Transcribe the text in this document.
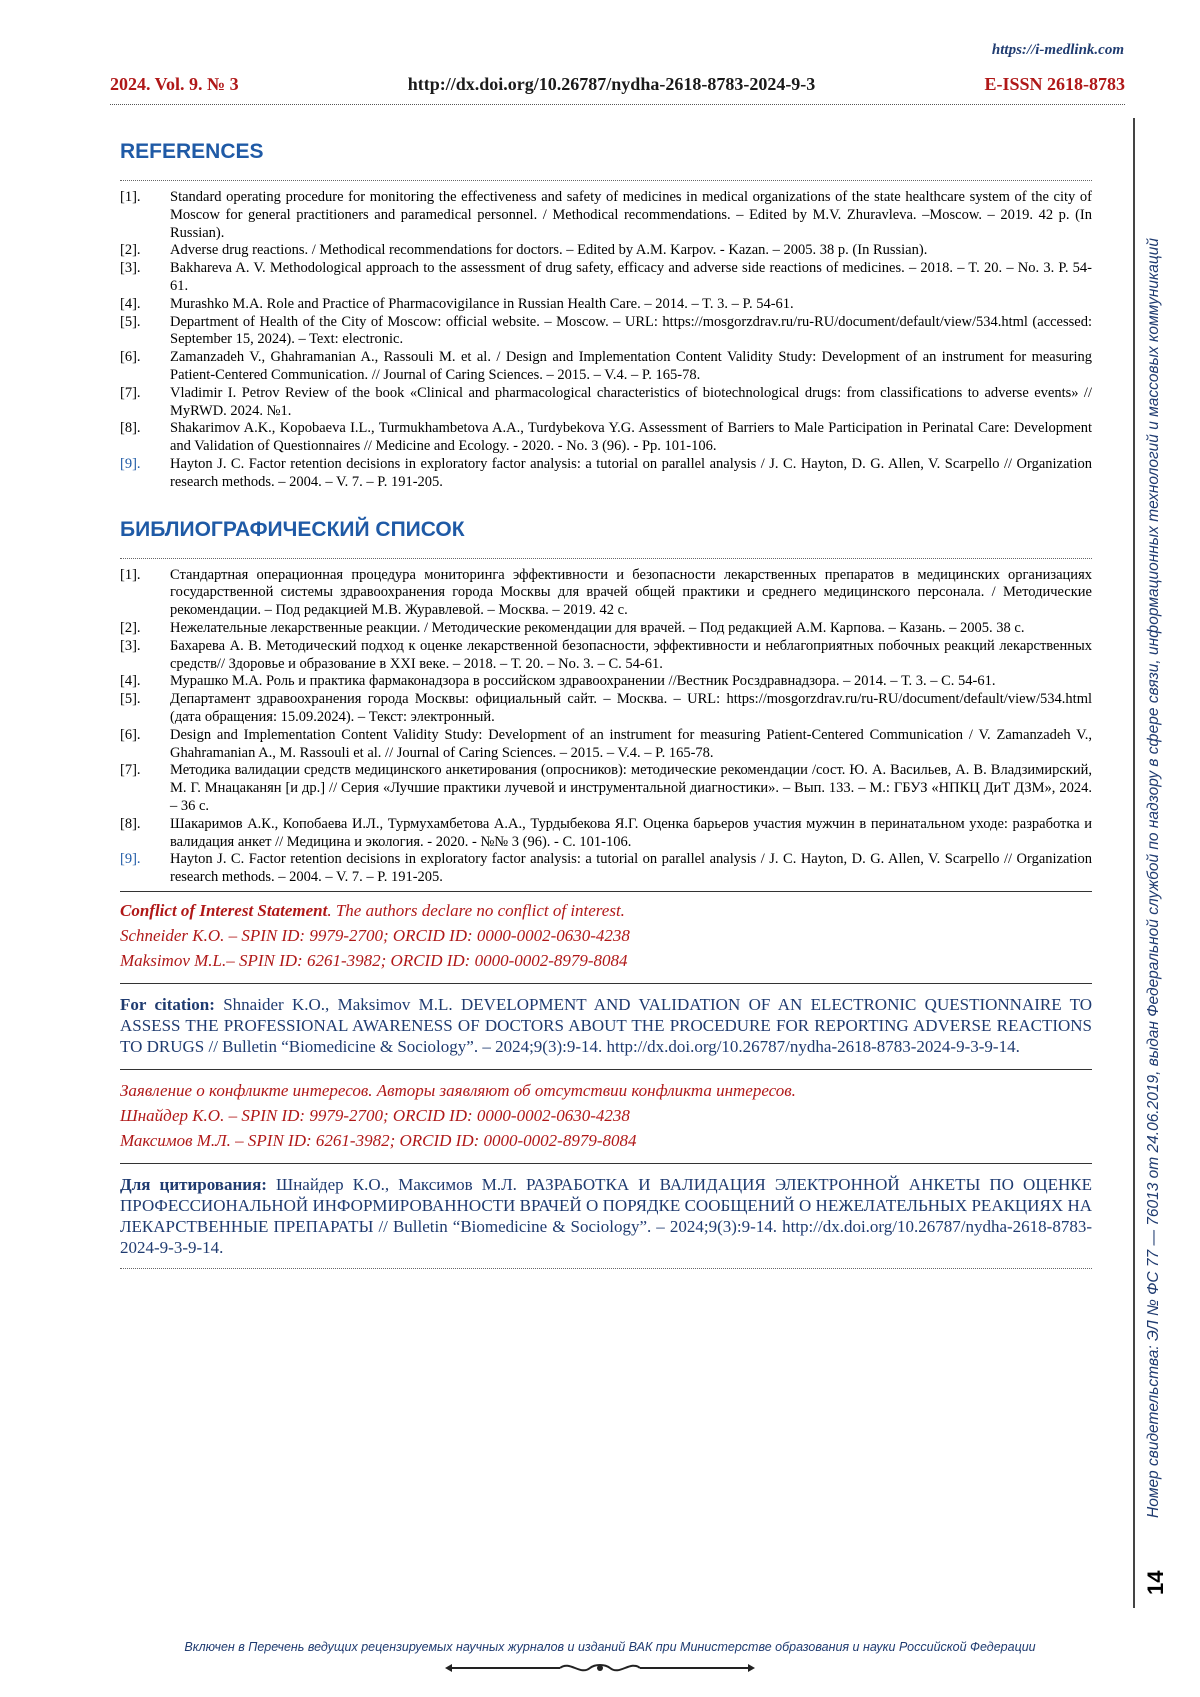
https://i-medlink.com
2024. Vol. 9. № 3	http://dx.doi.org/10.26787/nydha-2618-8783-2024-9-3	E-ISSN 2618-8783
Номер свидетельства: ЭЛ № ФС 77 — 76013 от 24.06.2019, выдан Федеральной службой по надзору в сфере связи, информационных технологий и массовых коммуникаций
14
REFERENCES
[1].	Standard operating procedure for monitoring the effectiveness and safety of medicines in medical organizations of the state healthcare system of the city of Moscow for general practitioners and paramedical personnel. / Methodical recommendations. – Edited by M.V. Zhuravleva. –Moscow. – 2019. 42 p. (In Russian).
[2].	Adverse drug reactions. / Methodical recommendations for doctors. – Edited by A.M. Karpov. - Kazan. – 2005. 38 p. (In Russian).
[3].	Bakhareva A. V. Methodological approach to the assessment of drug safety, efficacy and adverse side reactions of medicines. – 2018. – T. 20. – No. 3. P. 54-61.
[4].	Murashko M.A. Role and Practice of Pharmacovigilance in Russian Health Care. – 2014. – T. 3. – P. 54-61.
[5].	Department of Health of the City of Moscow: official website. – Moscow. – URL: https://mosgorzdrav.ru/ru-RU/document/default/view/534.html (accessed: September 15, 2024). – Text: electronic.
[6].	Zamanzadeh V., Ghahramanian A., Rassouli M. et al. / Design and Implementation Content Validity Study: Development of an instrument for measuring Patient-Centered Communication. // Journal of Caring Sciences. – 2015. – V.4. – P. 165-78.
[7].	Vladimir I. Petrov Review of the book «Clinical and pharmacological characteristics of biotechnological drugs: from classifications to adverse events» // MyRWD. 2024. №1.
[8].	Shakarimov A.K., Kopobaeva I.L., Turmukhambetova A.A., Turdybekova Y.G. Assessment of Barriers to Male Participation in Perinatal Care: Development and Validation of Questionnaires // Medicine and Ecology. - 2020. - No. 3 (96). - Pp. 101-106.
[9].	Hayton J. C. Factor retention decisions in exploratory factor analysis: a tutorial on parallel analysis / J. C. Hayton, D. G. Allen, V. Scarpello // Organization research methods. – 2004. – V. 7. – P. 191-205.
БИБЛИОГРАФИЧЕСКИЙ СПИСОК
[1].	Стандартная операционная процедура мониторинга эффективности и безопасности лекарственных препаратов в медицинских организациях государственной системы здравоохранения города Москвы для врачей общей практики и среднего медицинского персонала. / Методические рекомендации. – Под редакцией М.В. Журавлевой. – Москва. – 2019. 42 с.
[2].	Нежелательные лекарственные реакции. / Методические рекомендации для врачей. – Под редакцией А.М. Карпова. – Казань. – 2005. 38 с.
[3].	Бахарева А. В. Методический подход к оценке лекарственной безопасности, эффективности и неблагоприятных побочных реакций лекарственных средств// Здоровье и образование в XXI веке. – 2018. – Т. 20. – No. 3. – С. 54-61.
[4].	Мурашко М.А. Роль и практика фармаконадзора в российском здравоохранении //Вестник Росздравнадзора. – 2014. – Т. 3. – С. 54-61.
[5].	Департамент здравоохранения города Москвы: официальный сайт. – Москва. – URL: https://mosgorzdrav.ru/ru-RU/document/default/view/534.html (дата обращения: 15.09.2024). – Текст: электронный.
[6].	Design and Implementation Content Validity Study: Development of an instrument for measuring Patient-Centered Communication / V. Zamanzadeh V., Ghahramanian A., M. Rassouli et al. // Journal of Caring Sciences. – 2015. – V.4. – P. 165-78.
[7].	Методика валидации средств медицинского анкетирования (опросников): методические рекомендации /сост. Ю. А. Васильев, А. В. Владзимирский, М. Г. Мнацаканян [и др.] // Серия «Лучшие практики лучевой и инструментальной диагностики». – Вып. 133. – М.: ГБУЗ «НПКЦ ДиТ ДЗМ», 2024. – 36 с.
[8].	Шакаримов А.К., Копобаева И.Л., Турмухамбетова А.А., Турдыбекова Я.Г. Оценка барьеров участия мужчин в перинатальном уходе: разработка и валидация анкет // Медицина и экология. - 2020. - №№ 3 (96). - С. 101-106.
[9].	Hayton J. C. Factor retention decisions in exploratory factor analysis: a tutorial on parallel analysis / J. C. Hayton, D. G. Allen, V. Scarpello // Organization research methods. – 2004. – V. 7. – P. 191-205.
Conflict of Interest Statement. The authors declare no conflict of interest.
Schneider K.O. – SPIN ID: 9979-2700; ORCID ID: 0000-0002-0630-4238
Maksimov M.L.– SPIN ID: 6261-3982; ORCID ID: 0000-0002-8979-8084
For citation: Shnaider K.O., Maksimov M.L. DEVELOPMENT AND VALIDATION OF AN ELECTRONIC QUESTIONNAIRE TO ASSESS THE PROFESSIONAL AWARENESS OF DOCTORS ABOUT THE PROCEDURE FOR REPORTING ADVERSE REACTIONS TO DRUGS // Bulletin “Biomedicine & Sociology”. – 2024;9(3):9-14. http://dx.doi.org/10.26787/nydha-2618-8783-2024-9-3-9-14.
Заявление о конфликте интересов. Авторы заявляют об отсутствии конфликта интересов.
Шнайдер К.О. – SPIN ID: 9979-2700; ORCID ID: 0000-0002-0630-4238
Максимов М.Л. – SPIN ID: 6261-3982; ORCID ID: 0000-0002-8979-8084
Для цитирования: Шнайдер К.О., Максимов М.Л. РАЗРАБОТКА И ВАЛИДАЦИЯ ЭЛЕКТРОННОЙ АНКЕТЫ ПО ОЦЕНКЕ ПРОФЕССИОНАЛЬНОЙ ИНФОРМИРОВАННОСТИ ВРАЧЕЙ О ПОРЯДКЕ СООБЩЕНИЙ О НЕЖЕЛАТЕЛЬНЫХ РЕАКЦИЯХ НА ЛЕКАРСТВЕННЫЕ ПРЕПАРАТЫ // Bulletin “Biomedicine & Sociology”. – 2024;9(3):9-14. http://dx.doi.org/10.26787/nydha-2618-8783-2024-9-3-9-14.
Включен в Перечень ведущих рецензируемых научных журналов и изданий ВАК при Министерстве образования и науки Российской Федерации
